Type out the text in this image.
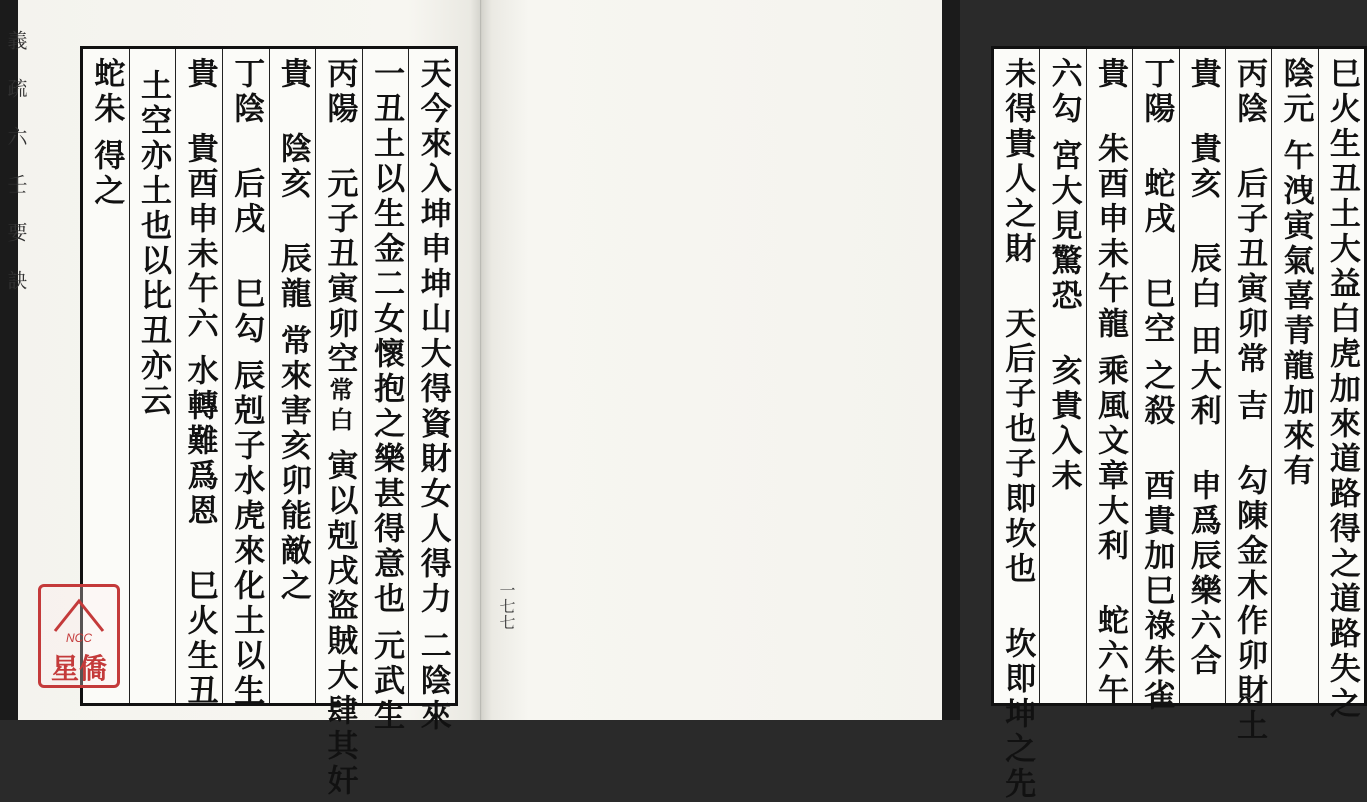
義 疏 六 壬 要 訣	天今來入坤申坤山大得資財女人得力
二陰來
一丑土以生金二女懷抱之樂甚得意也
元武生
丙陽 元子丑寅卯空
常白
寅以剋戌盜賊大肆其奸
貴 陰亥 辰龍
常來害亥卯能敵之
丁陰 后戌 巳勾
辰剋子水虎來化土以生
貴 貴酉申未午六
水轉難爲恩 巳火生丑
土空亦土也以比丑亦云
蛇朱
得之
一七七	巳火生丑土大益白虎加來道路得之道路失之
陰元
午洩寅氣喜青龍加來有
丙陰 后子丑寅卯常
吉 勾陳金木作卯財土
貴 貴亥 辰白
田大利 申爲辰樂六合
丁陽 蛇戌 巳空
之殺 酉貴加巳祿朱雀
貴 朱酉申未午龍
乘風文章大利 蛇六午
六勾
宮大見驚恐 亥貴入未
未得貴人之財 天后子也子即坎也 坎即坤之先
NCC
星僑
